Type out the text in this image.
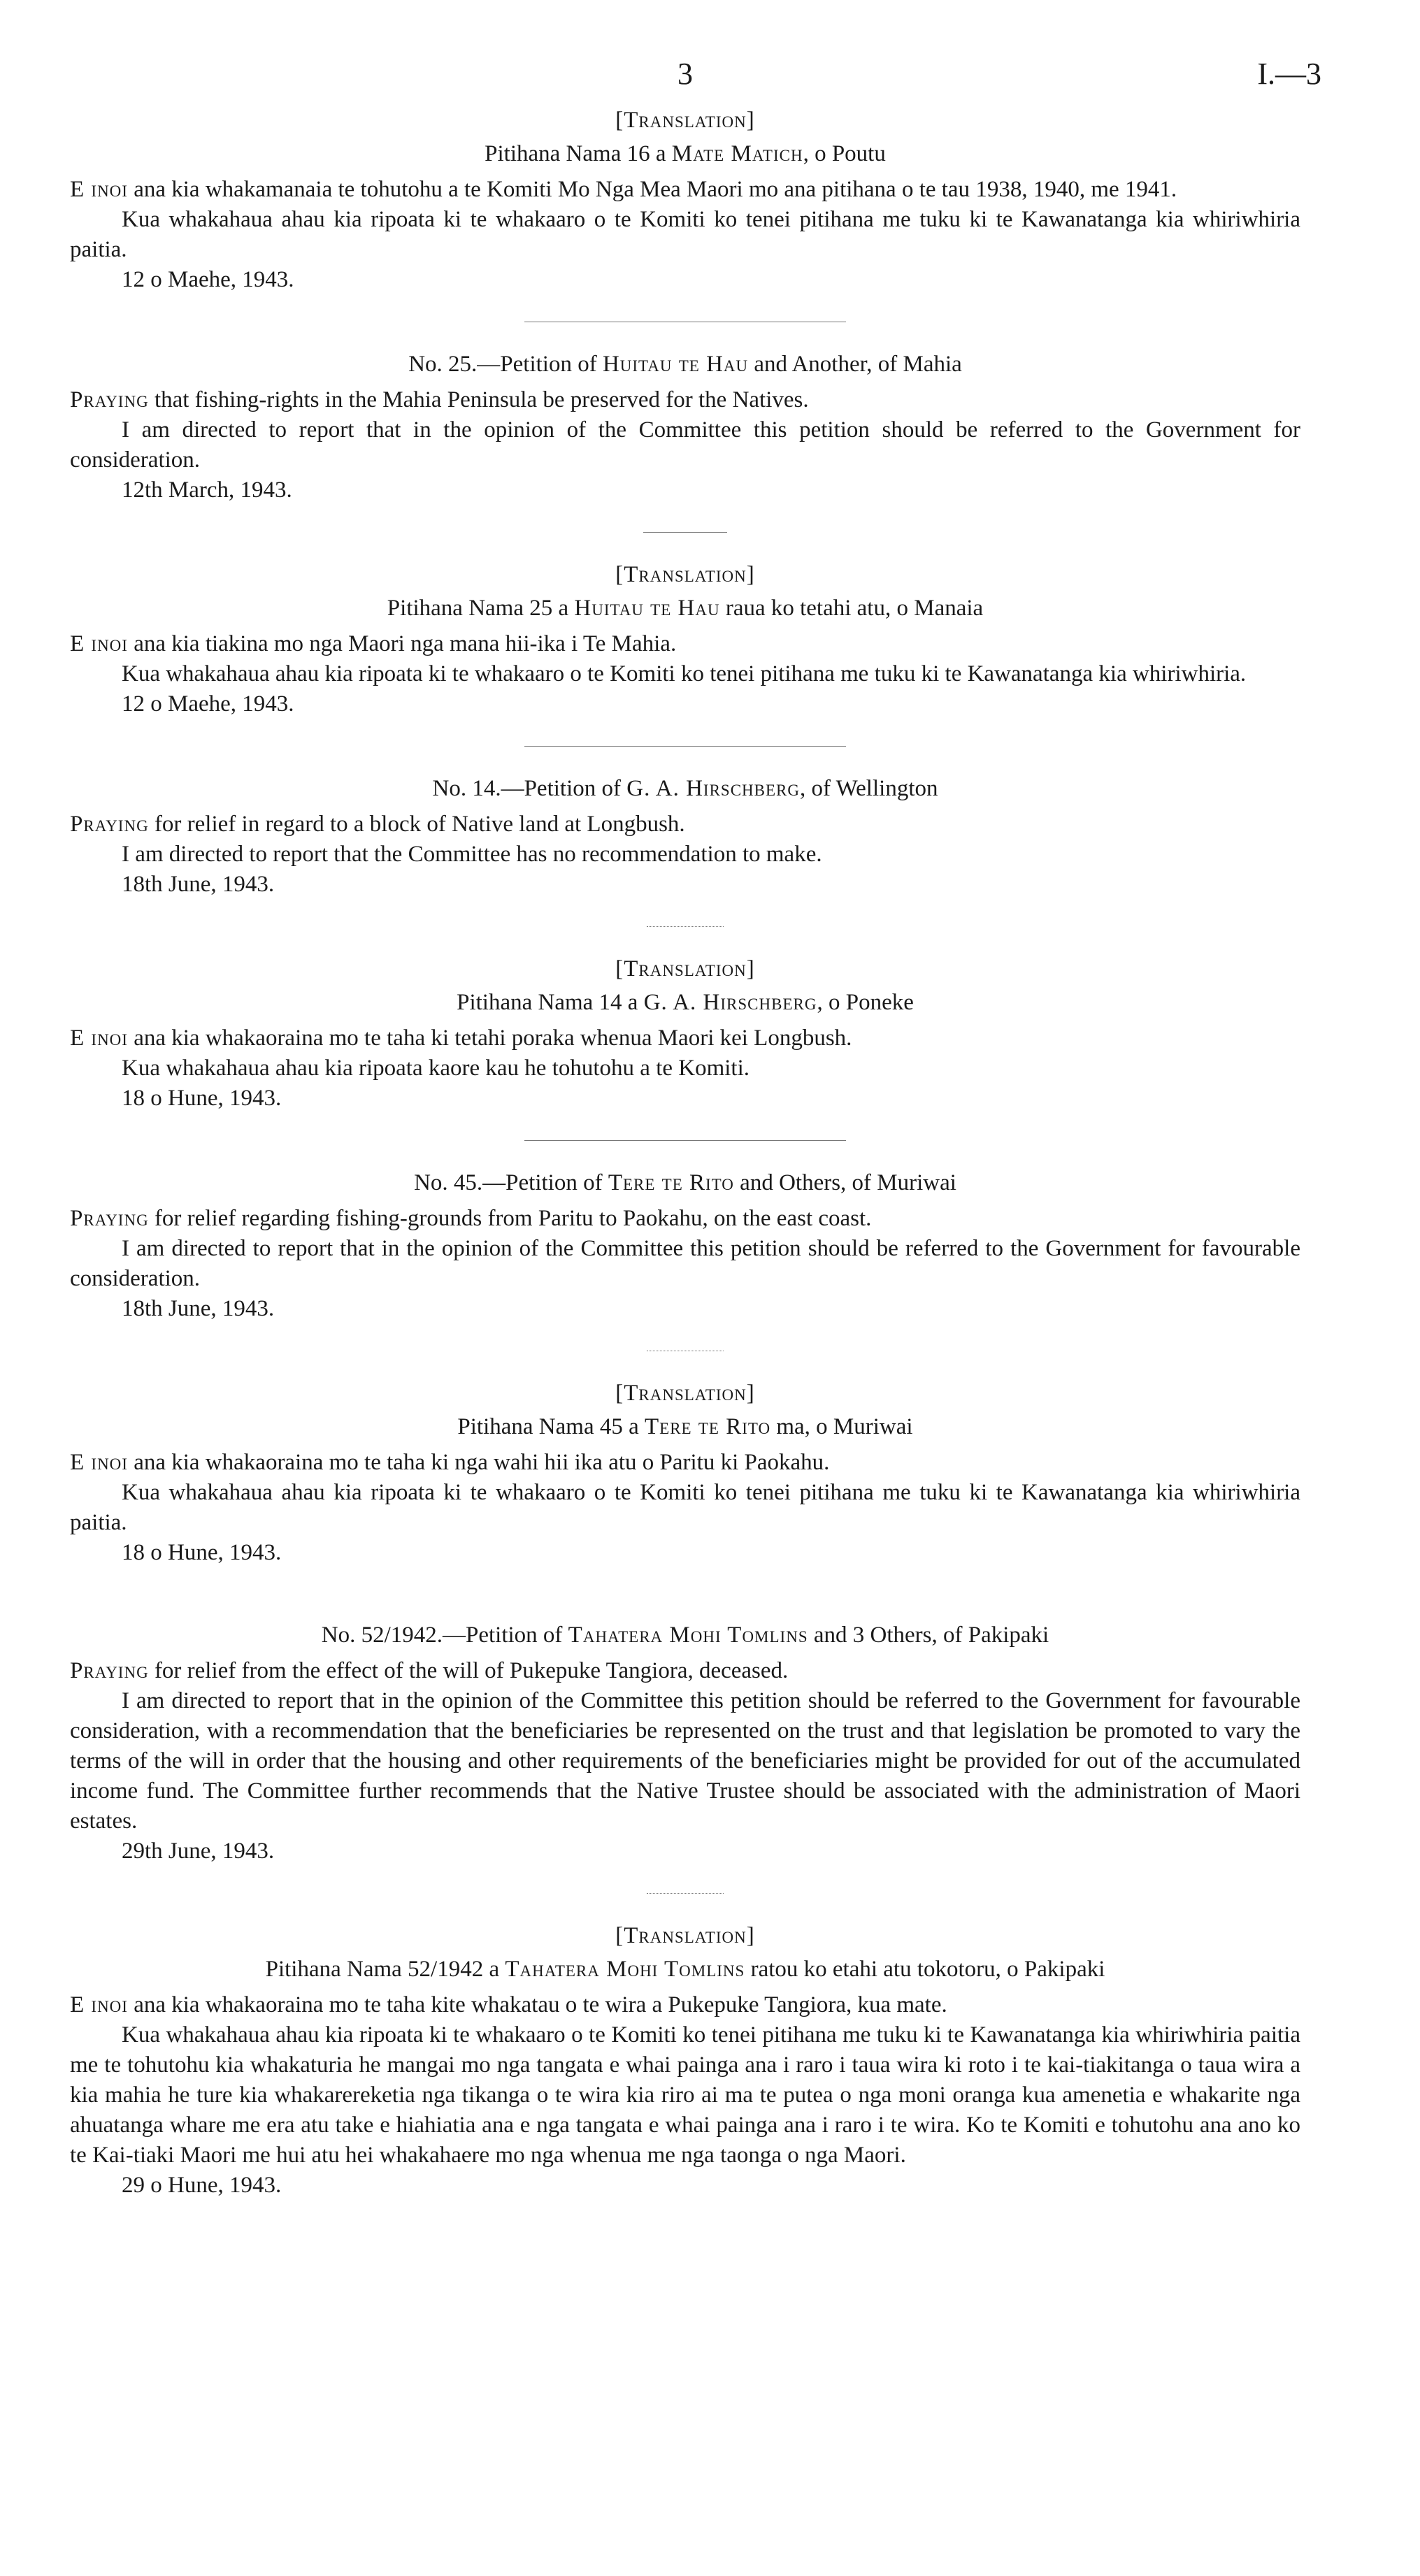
3	I.—3

[Translation]

Pitihana Nama 16 a Mate Matich, o Poutu

E inoi ana kia whakamanaia te tohutohu a te Komiti Mo Nga Mea Maori mo ana pitihana o te tau 1938, 1940, me 1941.

Kua whakahaua ahau kia ripoata ki te whakaaro o te Komiti ko tenei pitihana me tuku ki te Kawanatanga kia whiriwhiria paitia.

12 o Maehe, 1943.

No. 25.—Petition of Huitau te Hau and Another, of Mahia

Praying that fishing-rights in the Mahia Peninsula be preserved for the Natives.

I am directed to report that in the opinion of the Committee this petition should be referred to the Government for consideration.

12th March, 1943.

[Translation]

Pitihana Nama 25 a Huitau te Hau raua ko tetahi atu, o Manaia

E inoi ana kia tiakina mo nga Maori nga mana hii-ika i Te Mahia.

Kua whakahaua ahau kia ripoata ki te whakaaro o te Komiti ko tenei pitihana me tuku ki te Kawanatanga kia whiriwhiria.

12 o Maehe, 1943.

No. 14.—Petition of G. A. Hirschberg, of Wellington

Praying for relief in regard to a block of Native land at Longbush.

I am directed to report that the Committee has no recommendation to make.

18th June, 1943.

[Translation]

Pitihana Nama 14 a G. A. Hirschberg, o Poneke

E inoi ana kia whakaoraina mo te taha ki tetahi poraka whenua Maori kei Longbush.

Kua whakahaua ahau kia ripoata kaore kau he tohutohu a te Komiti.

18 o Hune, 1943.

No. 45.—Petition of Tere te Rito and Others, of Muriwai

Praying for relief regarding fishing-grounds from Paritu to Paokahu, on the east coast.

I am directed to report that in the opinion of the Committee this petition should be referred to the Government for favourable consideration.

18th June, 1943.

[Translation]

Pitihana Nama 45 a Tere te Rito ma, o Muriwai

E inoi ana kia whakaoraina mo te taha ki nga wahi hii ika atu o Paritu ki Paokahu.

Kua whakahaua ahau kia ripoata ki te whakaaro o te Komiti ko tenei pitihana me tuku ki te Kawanatanga kia whiriwhiria paitia.

18 o Hune, 1943.

No. 52/1942.—Petition of Tahatera Mohi Tomlins and 3 Others, of Pakipaki

Praying for relief from the effect of the will of Pukepuke Tangiora, deceased.

I am directed to report that in the opinion of the Committee this petition should be referred to the Government for favourable consideration, with a recommendation that the beneficiaries be represented on the trust and that legislation be promoted to vary the terms of the will in order that the housing and other requirements of the beneficiaries might be provided for out of the accumulated income fund. The Committee further recommends that the Native Trustee should be associated with the administration of Maori estates.

29th June, 1943.

[Translation]

Pitihana Nama 52/1942 a Tahatera Mohi Tomlins ratou ko etahi atu tokotoru, o Pakipaki

E inoi ana kia whakaoraina mo te taha kite whakatau o te wira a Pukepuke Tangiora, kua mate.

Kua whakahaua ahau kia ripoata ki te whakaaro o te Komiti ko tenei pitihana me tuku ki te Kawanatanga kia whiriwhiria paitia me te tohutohu kia whakaturia he mangai mo nga tangata e whai painga ana i raro i taua wira ki roto i te kai-tiakitanga o taua wira a kia mahia he ture kia whakarereketia nga tikanga o te wira kia riro ai ma te putea o nga moni oranga kua amenetia e whakarite nga ahuatanga whare me era atu take e hiahiatia ana e nga tangata e whai painga ana i raro i te wira. Ko te Komiti e tohutohu ana ano ko te Kai-tiaki Maori me hui atu hei whakahaere mo nga whenua me nga taonga o nga Maori.

29 o Hune, 1943.
